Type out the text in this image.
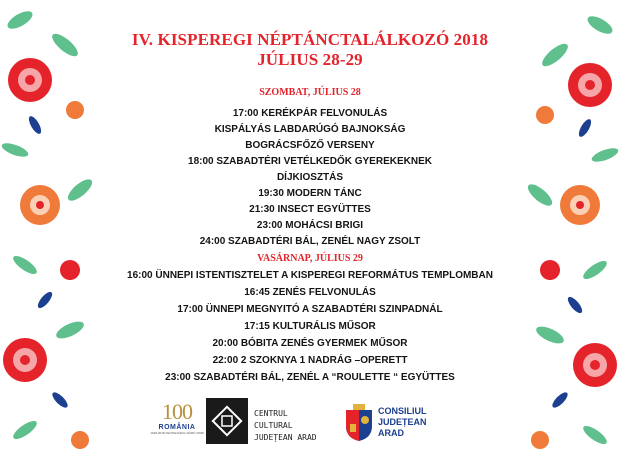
IV. KISPEREGI NÉPTÁNCTALÁLKOZÓ 2018 JÚLIUS 28-29
SZOMBAT, JÚLIUS 28
17:00 KERÉKPÁR FELVONULÁS
KISPÁLYÁS LABDARÚGÓ BAJNOKSÁG
BOGRÁCSFŐZŐ VERSENY
18:00 SZABADTÉRI VETÉLKEDŐK GYEREKEKNEK
DÍJKIOSZTÁS
19:30 MODERN TÁNC
21:30 INSECT EGYÜTTES
23:00 MOHÁCSI BRIGI
24:00 SZABADTÉRI BÁL, ZENÉL NAGY ZSOLT
VASÁRNAP, JÚLIUS 29
16:00 ÜNNEPI ISTENTISZTELET A KISPEREGI REFORMÁTUS TEMPLOMBAN
16:45 ZENÉS FELVONULÁS
17:00 ÜNNEPI MEGNYITÓ A SZABADTÉRI SZINPADNÁL
17:15 KULTURÁLIS MŰSOR
20:00 BÓBITA ZENÉS GYERMEK MŰSOR
22:00 2 SZOKNYA 1 NADRÁG –OPERETT
23:00 SZABADTÉRI BÁL, ZENÉL A “ROULETTE “ EGYÜTTES
100
ROMÂNIA
1918-2018 CENTENARUL MARII UNIRI
CENTRUL CULTURAL
JUDEȚEAN ARAD
CONSILIUL
JUDEȚEAN
ARAD
